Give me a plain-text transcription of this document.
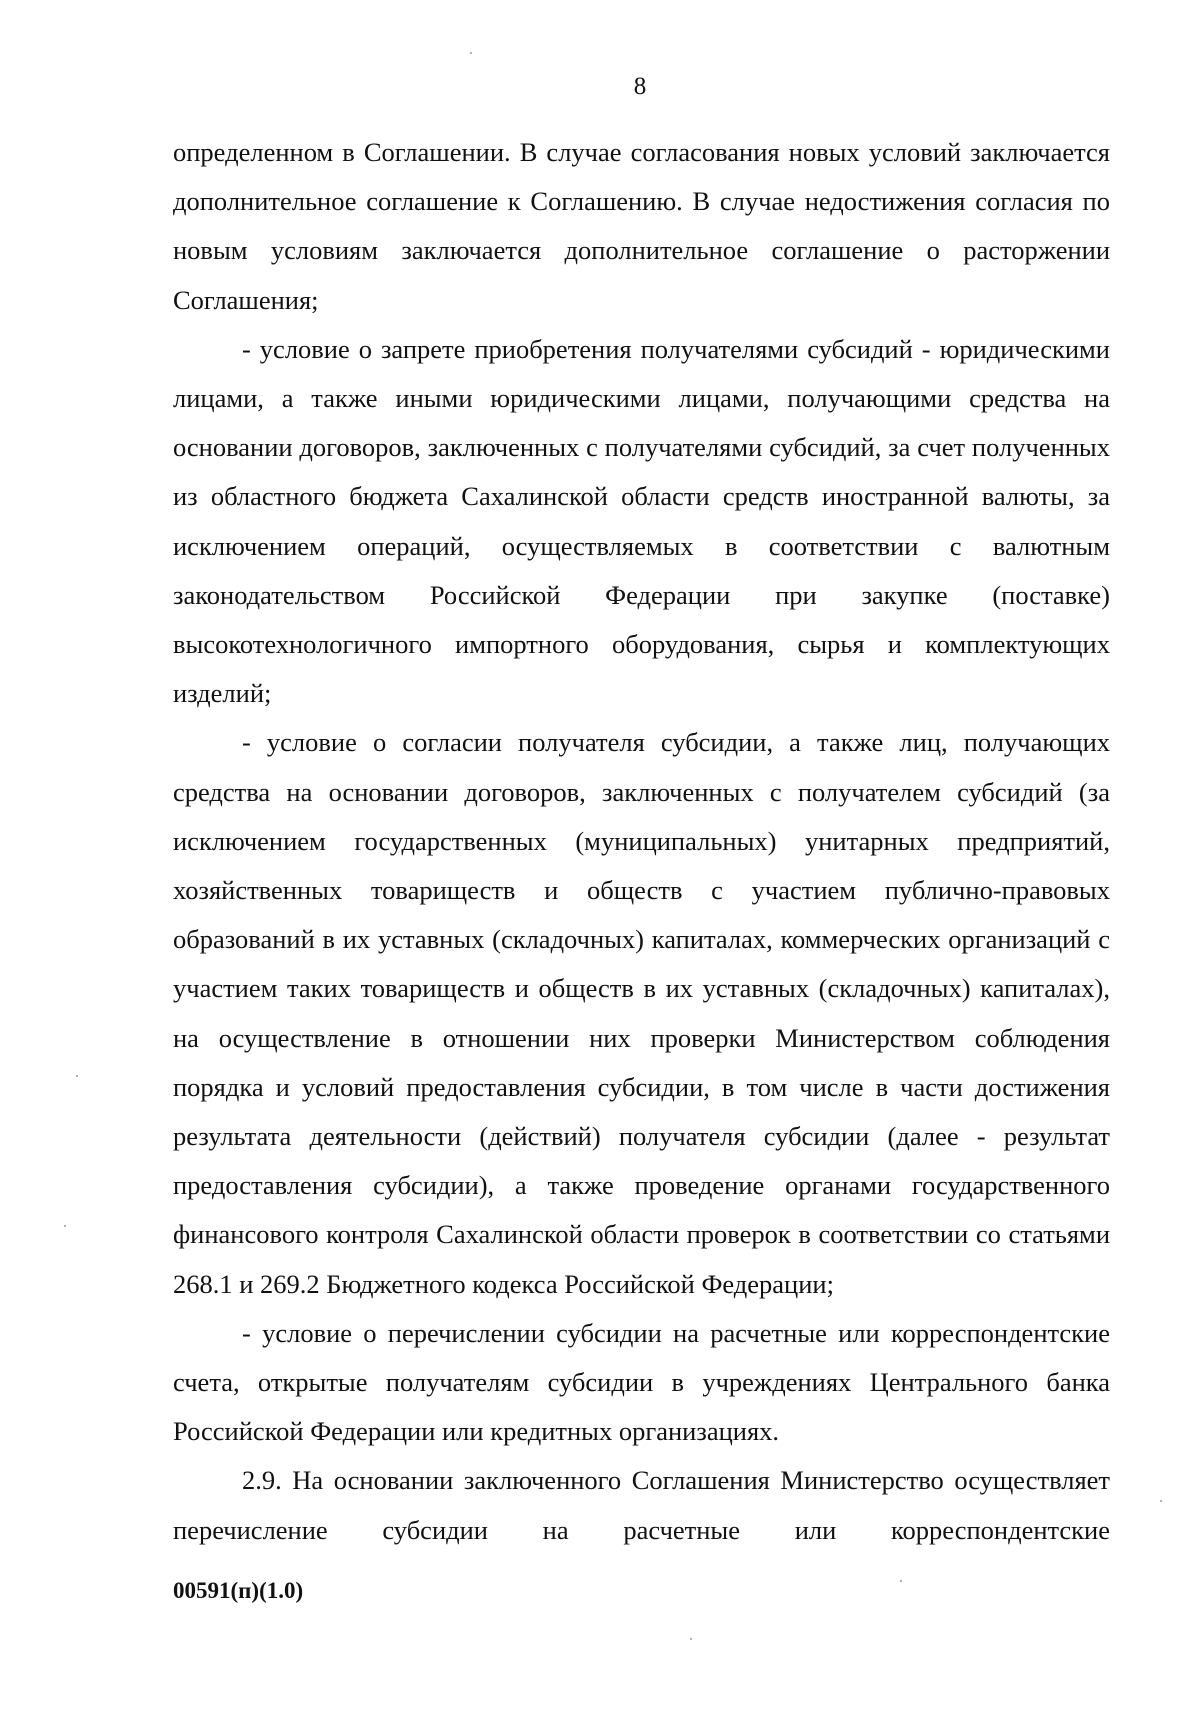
8

определенном в Соглашении. В случае согласования новых условий заключается дополнительное соглашение к Соглашению. В случае недостижения согласия по новым условиям заключается дополнительное соглашение о расторжении Соглашения;

- условие о запрете приобретения получателями субсидий - юридическими лицами, а также иными юридическими лицами, получающими средства на основании договоров, заключенных с получателями субсидий, за счет полученных из областного бюджета Сахалинской области средств иностранной валюты, за исключением операций, осуществляемых в соответствии с валютным законодательством Российской Федерации при закупке (поставке) высокотехнологичного импортного оборудования, сырья и комплектующих изделий;

- условие о согласии получателя субсидии, а также лиц, получающих средства на основании договоров, заключенных с получателем субсидий (за исключением государственных (муниципальных) унитарных предприятий, хозяйственных товариществ и обществ с участием публично-правовых образований в их уставных (складочных) капиталах, коммерческих организаций с участием таких товариществ и обществ в их уставных (складочных) капиталах), на осуществление в отношении них проверки Министерством соблюдения порядка и условий предоставления субсидии, в том числе в части достижения результата деятельности (действий) получателя субсидии (далее - результат предоставления субсидии), а также проведение органами государственного финансового контроля Сахалинской области проверок в соответствии со статьями 268.1 и 269.2 Бюджетного кодекса Российской Федерации;

- условие о перечислении субсидии на расчетные или корреспондентские счета, открытые получателям субсидии в учреждениях Центрального банка Российской Федерации или кредитных организациях.

2.9. На основании заключенного Соглашения Министерство осуществляет перечисление субсидии на расчетные или корреспондентские

00591(п)(1.0)
